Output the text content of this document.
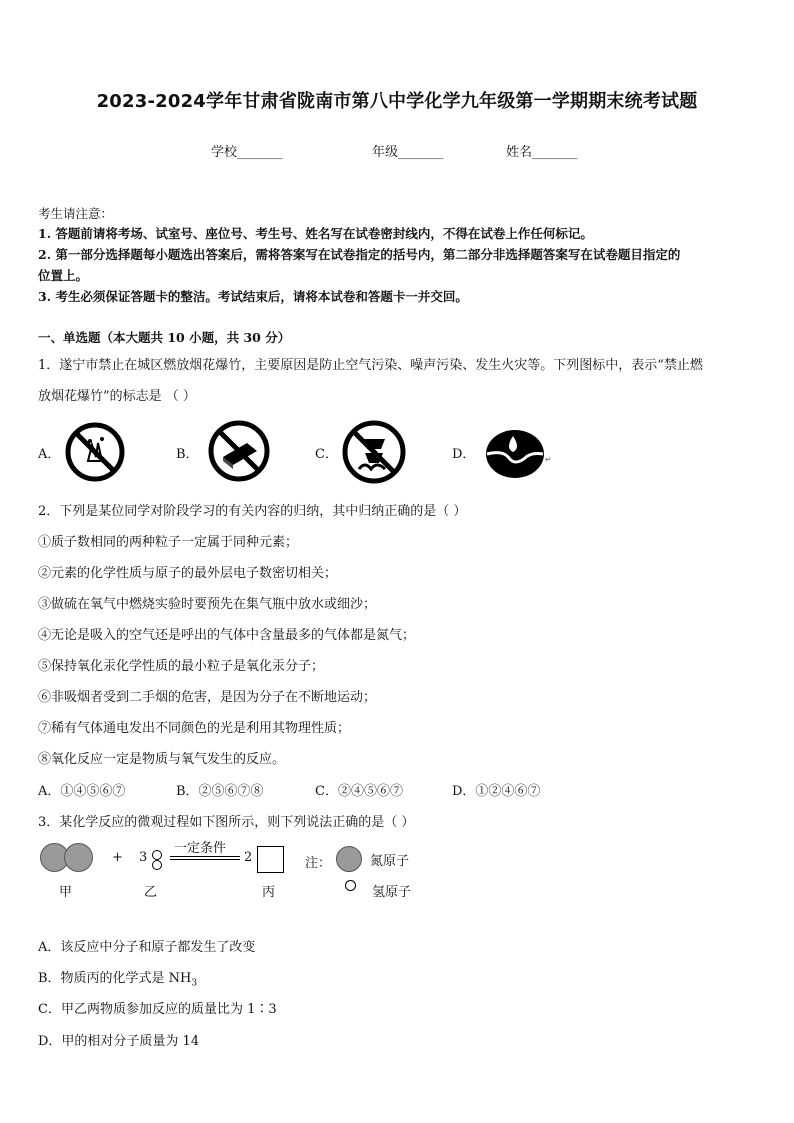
2023-2024学年甘肃省陇南市第八中学化学九年级第一学期期末统考试题
学校_______	年级_______	姓名_______
考生请注意：
1. 答题前请将考场、试室号、座位号、考生号、姓名写在试卷密封线内，不得在试卷上作任何标记。
2. 第一部分选择题每小题选出答案后，需将答案写在试卷指定的括号内，第二部分非选择题答案写在试卷题目指定的
位置上。
3. 考生必须保证答题卡的整洁。考试结束后，请将本试卷和答题卡一并交回。
一、单选题（本大题共 10 小题，共 30 分）
1．遂宁市禁止在城区燃放烟花爆竹，主要原因是防止空气污染、噪声污染、发生火灾等。下列图标中，表示“禁止燃
放烟花爆竹”的标志是 （ ）
A．	B．	C．	D．	↵
2．下列是某位同学对阶段学习的有关内容的归纳，其中归纳正确的是（ ）
①质子数相同的两种粒子一定属于同种元素；
②元素的化学性质与原子的最外层电子数密切相关；
③做硫在氧气中燃烧实验时要预先在集气瓶中放水或细沙；
④无论是吸入的空气还是呼出的气体中含量最多的气体都是氮气；
⑤保持氧化汞化学性质的最小粒子是氧化汞分子；
⑥非吸烟者受到二手烟的危害，是因为分子在不断地运动；
⑦稀有气体通电发出不同颜色的光是利用其物理性质；
⑧氧化反应一定是物质与氧气发生的反应。
A．①④⑤⑥⑦	B．②⑤⑥⑦⑧	C．②④⑤⑥⑦	D．①②④⑥⑦
3．某化学反应的微观过程如下图所示，则下列说法正确的是（ ）
+ 3
一定条件
2	注：	氮原子
甲	乙	丙	氢原子
A．该反应中分子和原子都发生了改变
B．物质丙的化学式是 $NH_3$
C．甲乙两物质参加反应的质量比为 1∶3
D．甲的相对分子质量为 14
